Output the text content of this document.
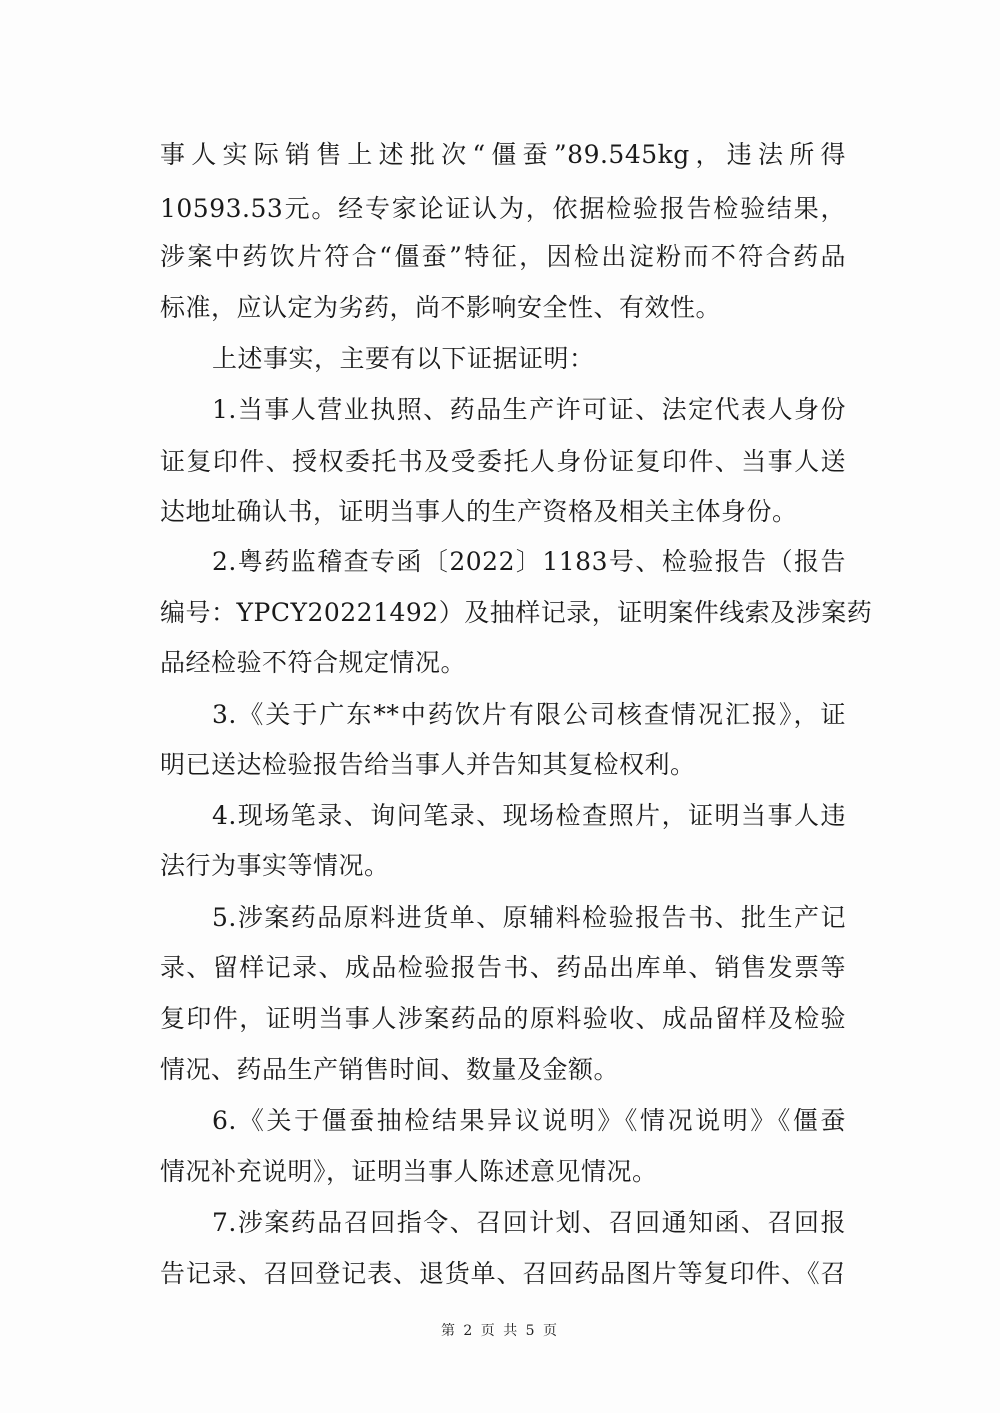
事人实际销售上述批次“僵蚕”89.545kg，违法所得
10593.53元。经专家论证认为，依据检验报告检验结果，
涉案中药饮片符合“僵蚕”特征，因检出淀粉而不符合药品
标准，应认定为劣药，尚不影响安全性、有效性。
上述事实，主要有以下证据证明：
1.当事人营业执照、药品生产许可证、法定代表人身份
证复印件、授权委托书及受委托人身份证复印件、当事人送
达地址确认书，证明当事人的生产资格及相关主体身份。
2.粤药监稽查专函〔2022〕1183号、检验报告（报告
编号：YPCY20221492）及抽样记录，证明案件线索及涉案药
品经检验不符合规定情况。
3.《关于广东**中药饮片有限公司核查情况汇报》，证
明已送达检验报告给当事人并告知其复检权利。
4.现场笔录、询问笔录、现场检查照片，证明当事人违
法行为事实等情况。
5.涉案药品原料进货单、原辅料检验报告书、批生产记
录、留样记录、成品检验报告书、药品出库单、销售发票等
复印件，证明当事人涉案药品的原料验收、成品留样及检验
情况、药品生产销售时间、数量及金额。
6.《关于僵蚕抽检结果异议说明》《情况说明》《僵蚕
情况补充说明》，证明当事人陈述意见情况。
7.涉案药品召回指令、召回计划、召回通知函、召回报
告记录、召回登记表、退货单、召回药品图片等复印件、《召
第 2 页 共 5 页
